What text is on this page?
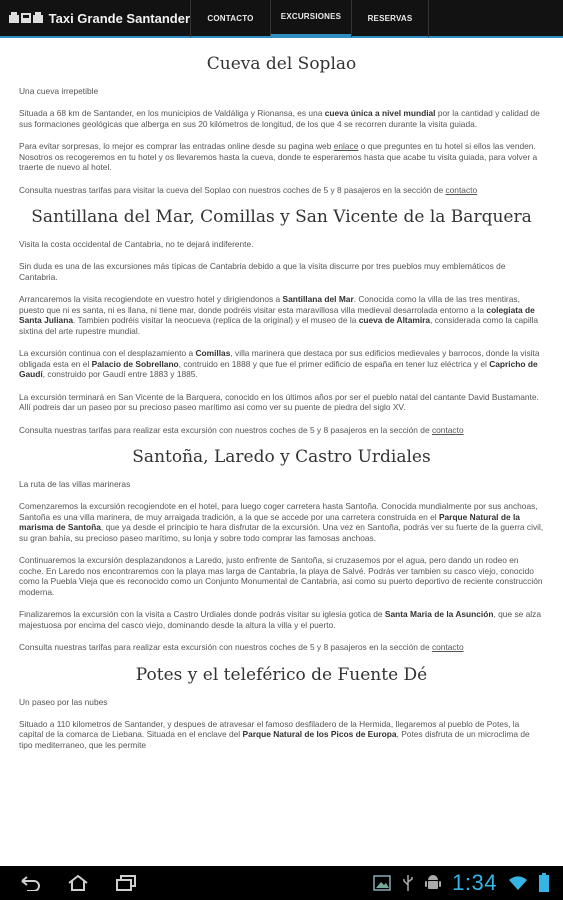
Taxi Grande Santander	CONTACTO	EXCURSIONES	RESERVAS
Cueva del Soplao

Una cueva irrepetible

Situada a 68 km de Santander, en los municipios de Valdáliga y Rionansa, es una cueva única a nivel mundial por la cantidad y calidad de sus formaciones geológicas que alberga en sus 20 kilómetros de longitud, de los que 4 se recorren durante la visita guiada.

Para evitar sorpresas, lo mejor es comprar las entradas online desde su pagina web enlace o que preguntes en tu hotel si ellos las venden. Nosotros os recogeremos en tu hotel y os llevaremos hasta la cueva, donde te esperaremos hasta que acabe tu visita guiada, para volver a traerte de nuevo al hotel.

Consulta nuestras tarifas para visitar la cueva del Soplao con nuestros coches de 5 y 8 pasajeros en la sección de contacto

Santillana del Mar, Comillas y San Vicente de la Barquera

Visita la costa occidental de Cantabria, no te dejará indiferente.

Sin duda es una de las excursiones más típicas de Cantabria debido a que la visita discurre por tres pueblos muy emblemáticos de Cantabria.

Arrancaremos la visita recogiendote en vuestro hotel y dirigiendonos a Santillana del Mar. Conocida como la villa de las tres mentiras, puesto que ni es santa, ni es llana, ni tiene mar, donde podréis visitar esta maravillosa villa medieval desarrolada entorno a la colegiata de Santa Juliana. Tambien podréis visitar la neocueva (replica de la original) y el museo de la cueva de Altamira, considerada como la capilla sixtina del arte rupestre mundial.

La excursión continua con el desplazamiento a Comillas, villa marinera que destaca por sus edificios medievales y barrocos, donde la visita obligada esta en el Palacio de Sobrellano, contruido en 1888 y que fue el primer edificio de españa en tener luz eléctrica y el Capricho de Gaudí, construido por Gaudí entre 1883 y 1885.

La excursión terminará en San Vicente de la Barquera, conocido en los últimos años por ser el pueblo natal del cantante David Bustamante. Allí podreis dar un paseo por su precioso paseo marítimo asi como ver su puente de piedra del siglo XV.

Consulta nuestras tarifas para realizar esta excursión con nuestros coches de 5 y 8 pasajeros en la sección de contacto

Santoña, Laredo y Castro Urdiales

La ruta de las villas marineras

Comenzaremos la excursión recogiendote en el hotel, para luego coger carretera hasta Santoña. Conocida mundialmente por sus anchoas, Santoña es una villa marinera, de muy arraigada tradición, a la que se accede por una carretera construida en el Parque Natural de la marisma de Santoña, que ya desde el principio te hara disfrutar de la excursión. Una vez en Santoña, podrás ver su fuerte de la guerra civil, su gran bahía, su precioso paseo marítimo, su lonja y sobre todo comprar las famosas anchoas.

Continuaremos la excursión desplazandonos a Laredo, justo enfrente de Santoña, si cruzasemos por el agua, pero dando un rodeo en coche. En Laredo nos encontraremos con la playa mas larga de Cantabria, la playa de Salvé. Podrás ver tambien su casco viejo, conocido como la Puebla Vieja que es reconocido como un Conjunto Monumental de Cantabria, asi como su puerto deportivo de reciente construcción moderna.

Finalizaremos la excursión con la visita a Castro Urdiales donde podrás visitar su iglesia gotica de Santa Maria de la Asunción, que se alza majestuosa por encima del casco viejo, dominando desde la altura la villa y el puerto.

Consulta nuestras tarifas para realizar esta excursión con nuestros coches de 5 y 8 pasajeros en la sección de contacto

Potes y el teleférico de Fuente Dé

Un paseo por las nubes

Situado a 110 kilometros de Santander, y despues de atravesar el famoso desfiladero de la Hermida, llegaremos al pueblo de Potes, la capital de la comarca de Liebana. Situada en el enclave del Parque Natural de los Picos de Europa, Potes disfruta de un microclima de tipo mediterraneo, que les permite

1:34
